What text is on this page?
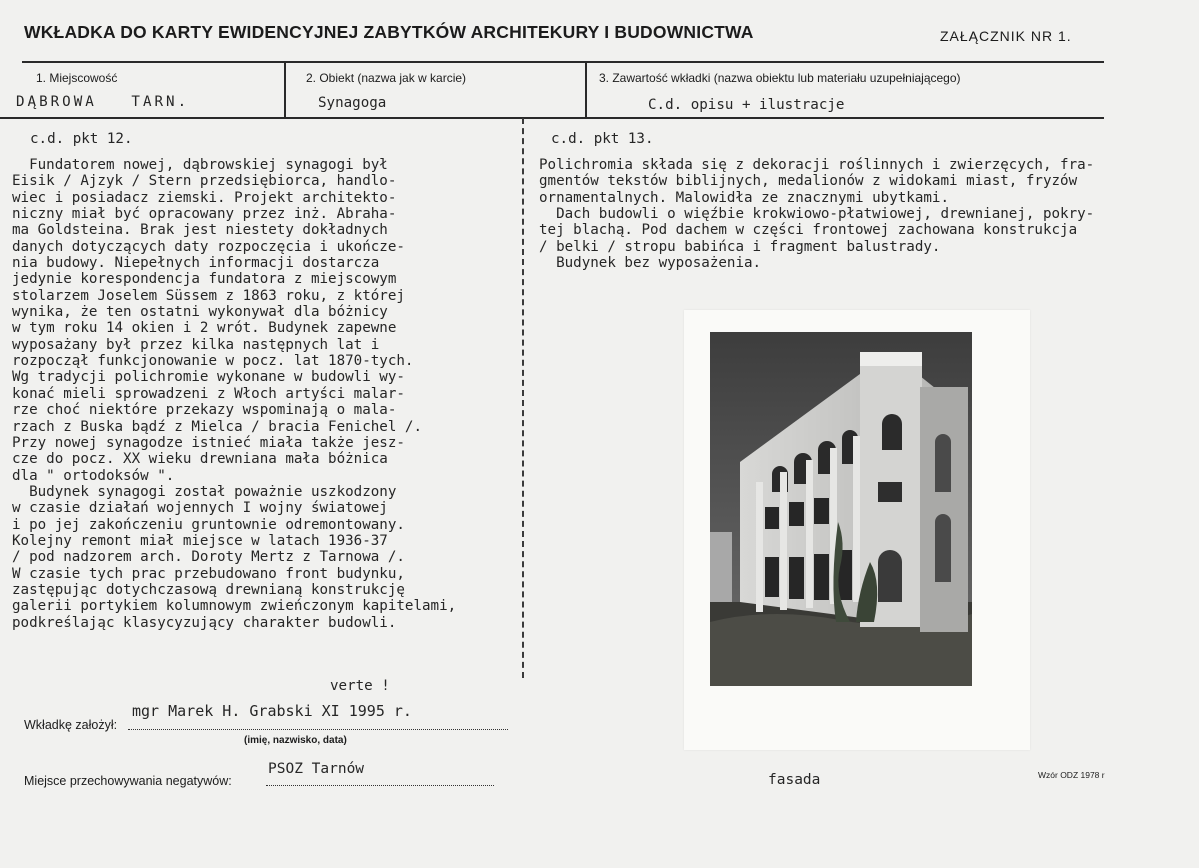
WKŁADKA DO KARTY EWIDENCYJNEJ ZABYTKÓW ARCHITEKURY I BUDOWNICTWA	ZAŁĄCZNIK NR 1.
1. Miejscowość
DĄBROWA   TARN.
2. Obiekt (nazwa jak w karcie)
Synagoga
3. Zawartość wkładki (nazwa obiektu lub materiału uzupełniającego)
C.d. opisu + ilustracje
c.d. pkt 12.
Fundatorem nowej, dąbrowskiej synagogi był
Eisik / Ajzyk / Stern przedsiębiorca, handlo-
wiec i posiadacz ziemski. Projekt architekto-
niczny miał być opracowany przez inż. Abraha-
ma Goldsteina. Brak jest niestety dokładnych
danych dotyczących daty rozpoczęcia i ukończe-
nia budowy. Niepełnych informacji dostarcza
jedynie korespondencja fundatora z miejscowym
stolarzem Joselem Süssem z 1863 roku, z której
wynika, że ten ostatni wykonywał dla bóżnicy
w tym roku 14 okien i 2 wrót. Budynek zapewne
wyposażany był przez kilka następnych lat i
rozpoczął funkcjonowanie w pocz. lat 1870-tych.
Wg tradycji polichromie wykonane w budowli wy-
konać mieli sprowadzeni z Włoch artyści malar-
rze choć niektóre przekazy wspominają o mala-
rzach z Buska bądź z Mielca / bracia Fenichel /.
Przy nowej synagodze istnieć miała także jesz-
cze do pocz. XX wieku drewniana mała bóżnica
dla " ortodoksów ".
Budynek synagogi został poważnie uszkodzony
w czasie działań wojennych I wojny światowej
i po jej zakończeniu gruntownie odremontowany.
Kolejny remont miał miejsce w latach 1936-37
/ pod nadzorem arch. Doroty Mertz z Tarnowa /.
W czasie tych prac przebudowano front budynku,
zastępując dotychczasową drewnianą konstrukcję
galerii portykiem kolumnowym zwieńczonym kapitelami,
podkreślając klasycyzujący charakter budowli.
c.d. pkt 13.
Polichromia składa się z dekoracji roślinnych i zwierzęcych, fra-
gmentów tekstów biblijnych, medalionów z widokami miast, fryzów
ornamentalnych. Malowidła ze znacznymi ubytkami.
Dach budowli o więźbie krokwiowo-płatwiowej, drewnianej, pokry-
tej blachą. Pod dachem w części frontowej zachowana konstrukcja
/ belki / stropu babińca i fragment balustrady.
Budynek bez wyposażenia.
fasada
verte !
Wkładkę założył:
mgr Marek H. Grabski XI 1995 r.
(imię, nazwisko, data)
Miejsce przechowywania negatywów:
PSOZ Tarnów	Wzór ODZ 1978 r
